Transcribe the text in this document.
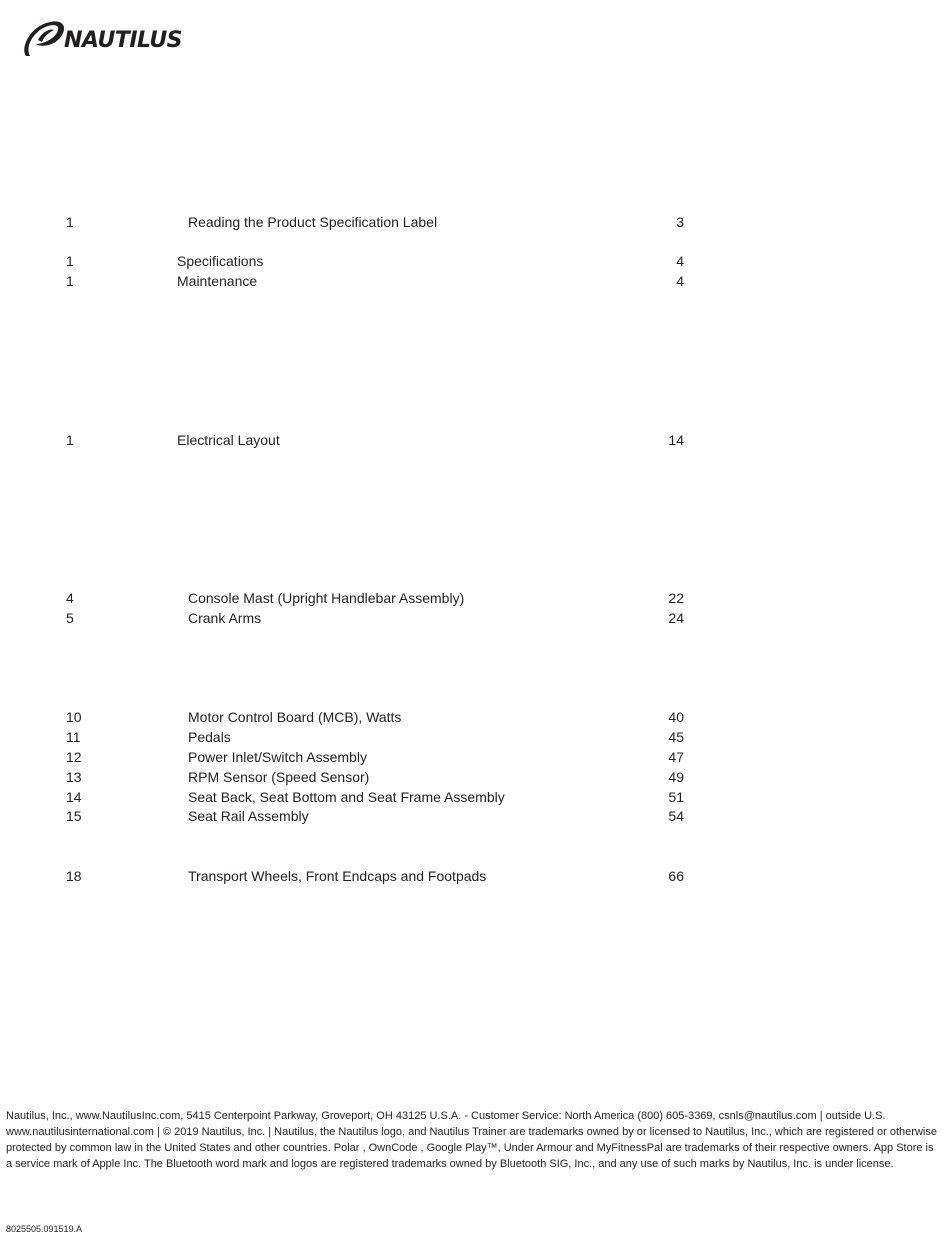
NAUTILUS
1	Reading the Product Specification Label	3
1	Specifications	4
1	Maintenance	4
1	Electrical Layout	14
4	Console Mast (Upright Handlebar Assembly)	22
5	Crank Arms	24
10	Motor Control Board (MCB), Watts	40
11	Pedals	45
12	Power Inlet/Switch Assembly	47
13	RPM Sensor (Speed Sensor)	49
14	Seat Back, Seat Bottom and Seat Frame Assembly	51
15	Seat Rail Assembly	54
18	Transport Wheels, Front Endcaps and Footpads	66

Nautilus, Inc., www.NautilusInc.com, 5415 Centerpoint Parkway, Groveport, OH 43125 U.S.A. - Customer Service: North America (800) 605-3369, csnls@nautilus.com | outside U.S.

www.nautilusinternational.com | © 2019 Nautilus, Inc. | Nautilus, the Nautilus logo, and Nautilus Trainer are trademarks owned by or licensed to Nautilus, Inc., which are registered or otherwise

protected by common law in the United States and other countries. Polar , OwnCode , Google Play™, Under Armour and MyFitnessPal are trademarks of their respective owners. App Store is

a service mark of Apple Inc. The Bluetooth word mark and logos are registered trademarks owned by Bluetooth SIG, Inc., and any use of such marks by Nautilus, Inc. is under license.

8025505.091519.A
